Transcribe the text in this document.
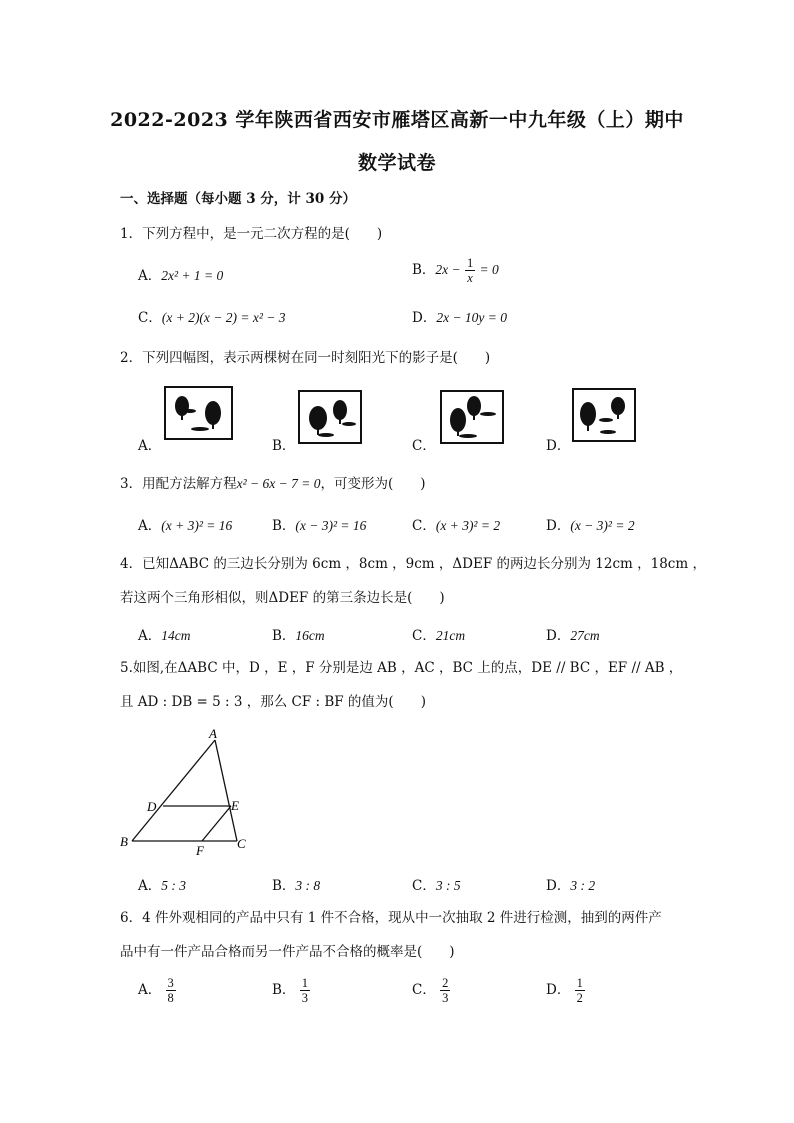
2022-2023 学年陕西省西安市雁塔区高新一中九年级（上）期中
数学试卷
一、选择题（每小题 3 分，计 30 分）
1．下列方程中，是一元二次方程的是(　　)
A．2x² + 1 = 0	B．$2x - \frac{1}{x} = 0$
C．(x + 2)(x − 2) = x² − 3	D．2x − 10y = 0
2．下列四幅图，表示两棵树在同一时刻阳光下的影子是(　　)
A．	B．	C．	D．
3．用配方法解方程x² − 6x − 7 = 0，可变形为(　　)
A．(x + 3)² = 16	B．(x − 3)² = 16	C．(x + 3)² = 2	D．(x − 3)² = 2
4．已知ΔABC 的三边长分别为 6cm ，8cm ，9cm ，ΔDEF 的两边长分别为 12cm ，18cm ，
若这两个三角形相似，则ΔDEF 的第三条边长是(　　)
A．14cm	B．16cm	C．21cm	D．27cm
5.如图,在ΔABC 中，D ，E ，F 分别是边 AB ，AC ，BC 上的点，DE // BC ，EF // AB ，
且 AD : DB = 5 : 3 ，那么 CF : BF 的值为(　　)
A
B	C
D	E
F
A．5 : 3	B．3 : 8	C．3 : 5	D．3 : 2
6．4 件外观相同的产品中只有 1 件不合格，现从中一次抽取 2 件进行检测，抽到的两件产
品中有一件产品合格而另一件产品不合格的概率是(　　)
A． $\frac{3}{8}$	B． $\frac{1}{3}$	C． $\frac{2}{3}$	D． $\frac{1}{2}$
